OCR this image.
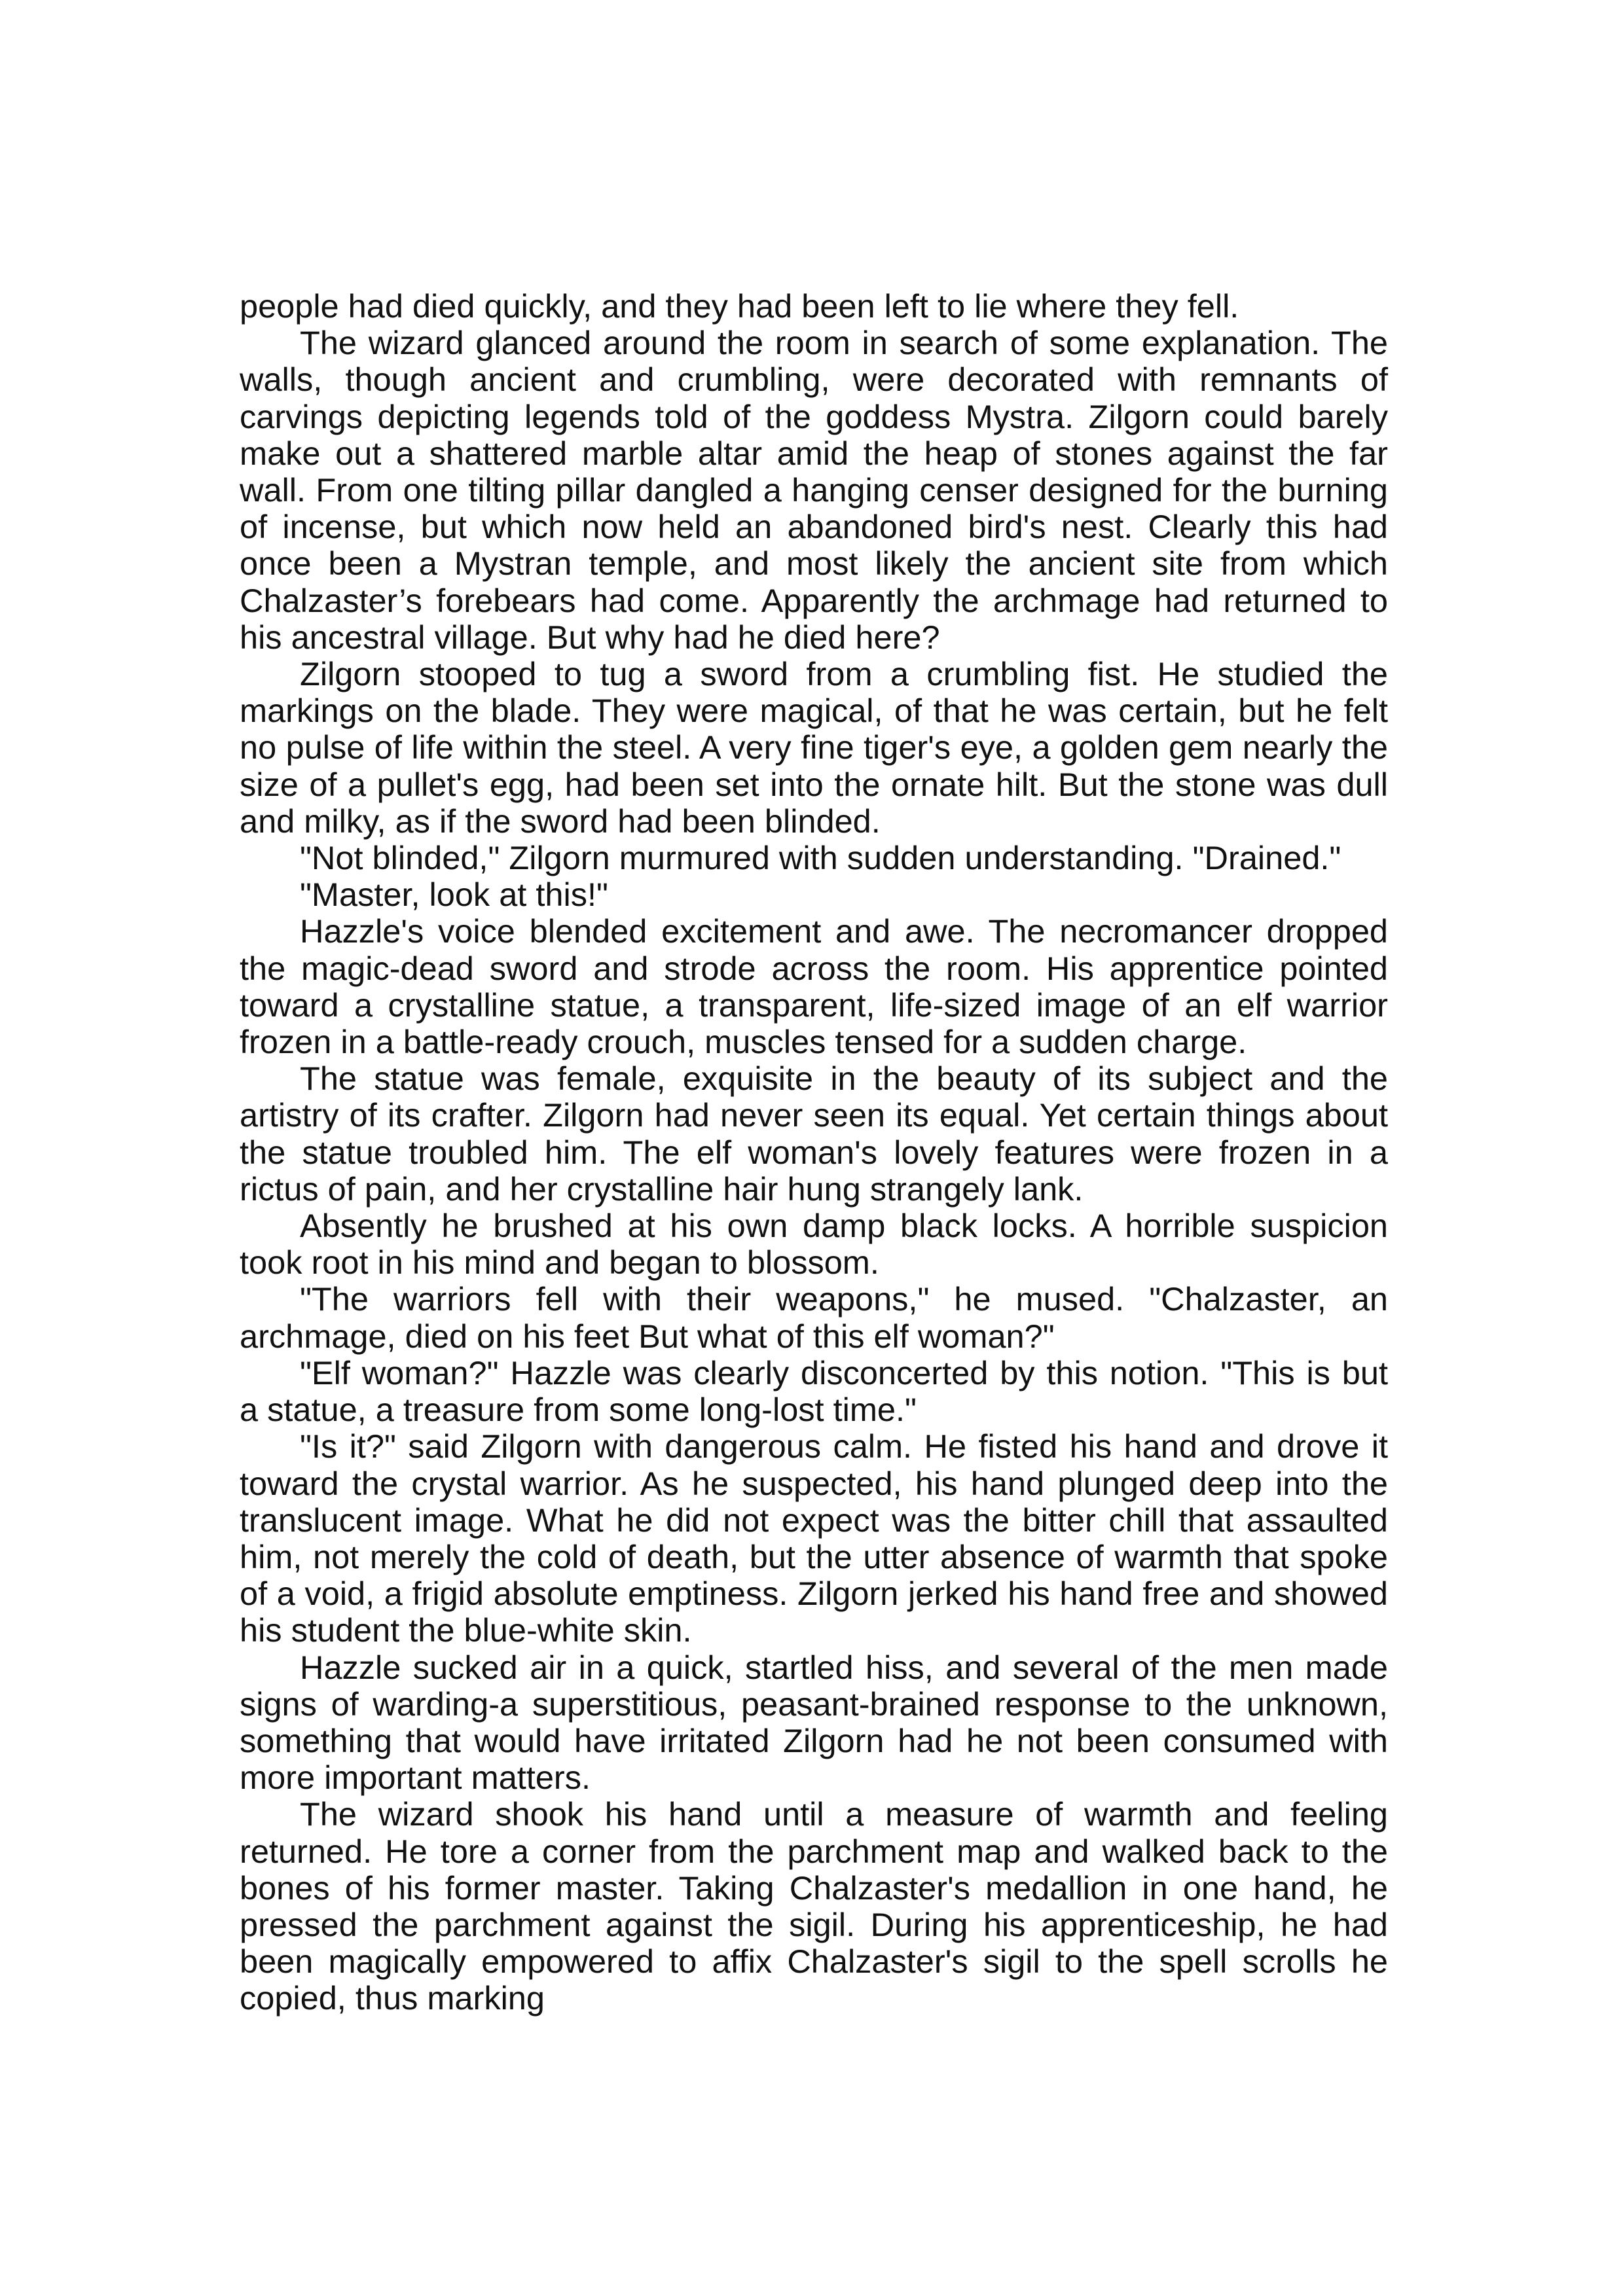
people had died quickly, and they had been left to lie where they fell.

The wizard glanced around the room in search of some explanation. The walls, though ancient and crumbling, were decorated with remnants of carvings depicting legends told of the goddess Mystra. Zilgorn could barely make out a shattered marble altar amid the heap of stones against the far wall. From one tilting pillar dangled a hanging censer designed for the burning of incense, but which now held an abandoned bird's nest. Clearly this had once been a Mystran temple, and most likely the ancient site from which Chalzaster’s forebears had come. Apparently the archmage had returned to his ancestral village. But why had he died here?

Zilgorn stooped to tug a sword from a crumbling fist. He studied the markings on the blade. They were magical, of that he was certain, but he felt no pulse of life within the steel. A very fine tiger's eye, a golden gem nearly the size of a pullet's egg, had been set into the ornate hilt. But the stone was dull and milky, as if the sword had been blinded.

"Not blinded," Zilgorn murmured with sudden understanding. "Drained."

"Master, look at this!"

Hazzle's voice blended excitement and awe. The necromancer dropped the magic-dead sword and strode across the room. His apprentice pointed toward a crystalline statue, a transparent, life-sized image of an elf warrior frozen in a battle-ready crouch, muscles tensed for a sudden charge.

The statue was female, exquisite in the beauty of its subject and the artistry of its crafter. Zilgorn had never seen its equal. Yet certain things about the statue troubled him. The elf woman's lovely features were frozen in a rictus of pain, and her crystalline hair hung strangely lank.

Absently he brushed at his own damp black locks. A horrible suspicion took root in his mind and began to blossom.

"The warriors fell with their weapons," he mused. "Chalzaster, an archmage, died on his feet But what of this elf woman?"

"Elf woman?" Hazzle was clearly disconcerted by this notion. "This is but a statue, a treasure from some long-lost time."

"Is it?" said Zilgorn with dangerous calm. He fisted his hand and drove it toward the crystal warrior. As he suspected, his hand plunged deep into the translucent image. What he did not expect was the bitter chill that assaulted him, not merely the cold of death, but the utter absence of warmth that spoke of a void, a frigid absolute emptiness. Zilgorn jerked his hand free and showed his student the blue-white skin.

Hazzle sucked air in a quick, startled hiss, and several of the men made signs of warding-a superstitious, peasant-brained response to the unknown, something that would have irritated Zilgorn had he not been consumed with more important matters.

The wizard shook his hand until a measure of warmth and feeling returned. He tore a corner from the parchment map and walked back to the bones of his former master. Taking Chalzaster's medallion in one hand, he pressed the parchment against the sigil. During his apprenticeship, he had been magically empowered to affix Chalzaster's sigil to the spell scrolls he copied, thus marking
